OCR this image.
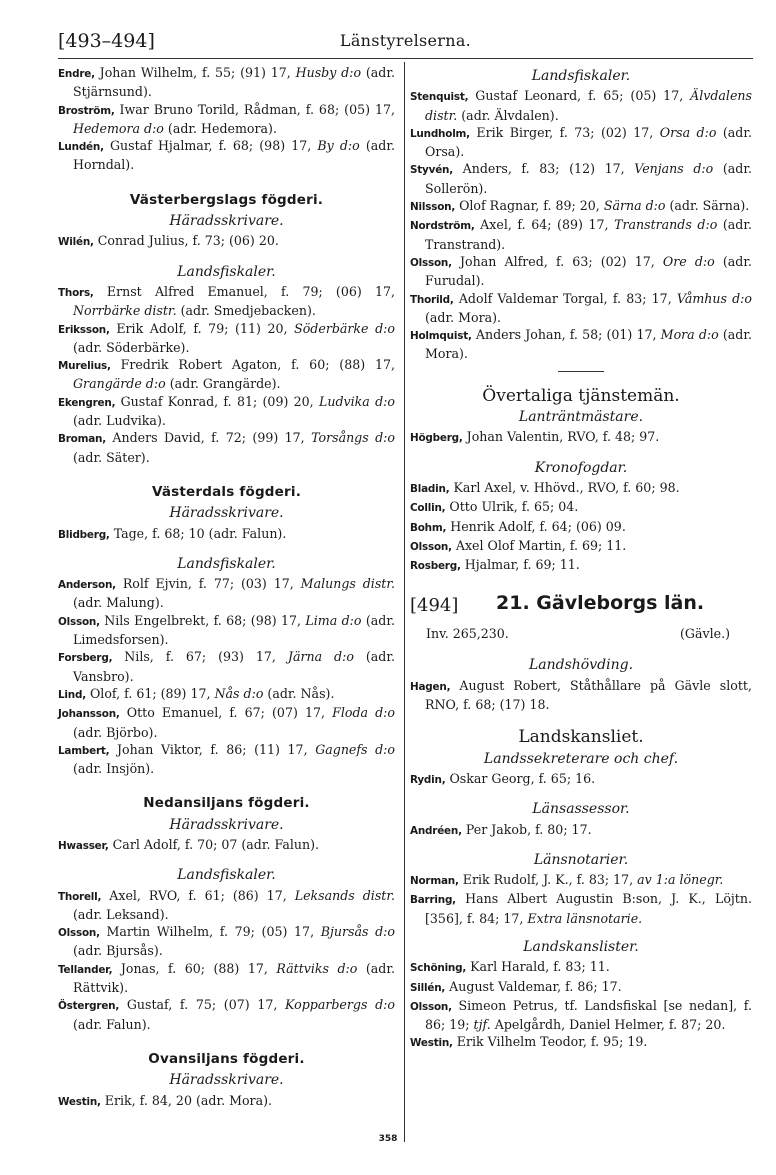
[493–494]	Länstyrelserna.
Endre, Johan Wilhelm, f. 55; (91) 17, Husby d:o (adr. Stjärnsund).
Broström, Iwar Bruno Torild, Rådman, f. 68; (05) 17, Hedemora d:o (adr. Hedemora).
Lundén, Gustaf Hjalmar, f. 68; (98) 17, By d:o (adr. Horndal).
Västerbergslags fögderi.
Häradsskrivare.
Wilén, Conrad Julius, f. 73; (06) 20.
Landsfiskaler.
Thors, Ernst Alfred Emanuel, f. 79; (06) 17, Norrbärke distr. (adr. Smedjebacken).
Eriksson, Erik Adolf, f. 79; (11) 20, Söderbärke d:o (adr. Söderbärke).
Murelius, Fredrik Robert Agaton, f. 60; (88) 17, Grangärde d:o (adr. Grangärde).
Ekengren, Gustaf Konrad, f. 81; (09) 20, Ludvika d:o (adr. Ludvika).
Broman, Anders David, f. 72; (99) 17, Torsångs d:o (adr. Säter).
Västerdals fögderi.
Häradsskrivare.
Blidberg, Tage, f. 68; 10 (adr. Falun).
Landsfiskaler.
Anderson, Rolf Ejvin, f. 77; (03) 17, Malungs distr. (adr. Malung).
Olsson, Nils Engelbrekt, f. 68; (98) 17, Lima d:o (adr. Limedsforsen).
Forsberg, Nils, f. 67; (93) 17, Järna d:o (adr. Vansbro).
Lind, Olof, f. 61; (89) 17, Nås d:o (adr. Nås).
Johansson, Otto Emanuel, f. 67; (07) 17, Floda d:o (adr. Björbo).
Lambert, Johan Viktor, f. 86; (11) 17, Gagnefs d:o (adr. Insjön).
Nedansiljans fögderi.
Häradsskrivare.
Hwasser, Carl Adolf, f. 70; 07 (adr. Falun).
Landsfiskaler.
Thorell, Axel, RVO, f. 61; (86) 17, Leksands distr. (adr. Leksand).
Olsson, Martin Wilhelm, f. 79; (05) 17, Bjursås d:o (adr. Bjursås).
Tellander, Jonas, f. 60; (88) 17, Rättviks d:o (adr. Rättvik).
Östergren, Gustaf, f. 75; (07) 17, Kopparbergs d:o (adr. Falun).
Ovansiljans fögderi.
Häradsskrivare.
Westin, Erik, f. 84, 20 (adr. Mora).
Landsfiskaler.
Stenquist, Gustaf Leonard, f. 65; (05) 17, Älvdalens distr. (adr. Älvdalen).
Lundholm, Erik Birger, f. 73; (02) 17, Orsa d:o (adr. Orsa).
Styvén, Anders, f. 83; (12) 17, Venjans d:o (adr. Sollerön).
Nilsson, Olof Ragnar, f. 89; 20, Särna d:o (adr. Särna).
Nordström, Axel, f. 64; (89) 17, Transtrands d:o (adr. Transtrand).
Olsson, Johan Alfred, f. 63; (02) 17, Ore d:o (adr. Furudal).
Thorild, Adolf Valdemar Torgal, f. 83; 17, Våmhus d:o (adr. Mora).
Holmquist, Anders Johan, f. 58; (01) 17, Mora d:o (adr. Mora).
Övertaliga tjänstemän.
Lanträntmästare.
Högberg, Johan Valentin, RVO, f. 48; 97.
Kronofogdar.
Bladin, Karl Axel, v. Hhövd., RVO, f. 60; 98.
Collin, Otto Ulrik, f. 65; 04.
Bohm, Henrik Adolf, f. 64; (06) 09.
Olsson, Axel Olof Martin, f. 69; 11.
Rosberg, Hjalmar, f. 69; 11.
[494] 21. Gävleborgs län.
Inv. 265,230.	(Gävle.)
Landshövding.
Hagen, August Robert, Ståthållare på Gävle slott, RNO, f. 68; (17) 18.
Landskansliet.
Landssekreterare och chef.
Rydin, Oskar Georg, f. 65; 16.
Länsassessor.
Andréen, Per Jakob, f. 80; 17.
Länsnotarier.
Norman, Erik Rudolf, J. K., f. 83; 17, av 1:a lönegr.
Barring, Hans Albert Augustin B:son, J. K., Löjtn. [356], f. 84; 17, Extra länsnotarie.
Landskanslister.
Schöning, Karl Harald, f. 83; 11.
Sillén, August Valdemar, f. 86; 17.
Olsson, Simeon Petrus, tf. Landsfiskal [se nedan], f. 86; 19; tjf. Apelgårdh, Daniel Helmer, f. 87; 20.
Westin, Erik Vilhelm Teodor, f. 95; 19.
358
